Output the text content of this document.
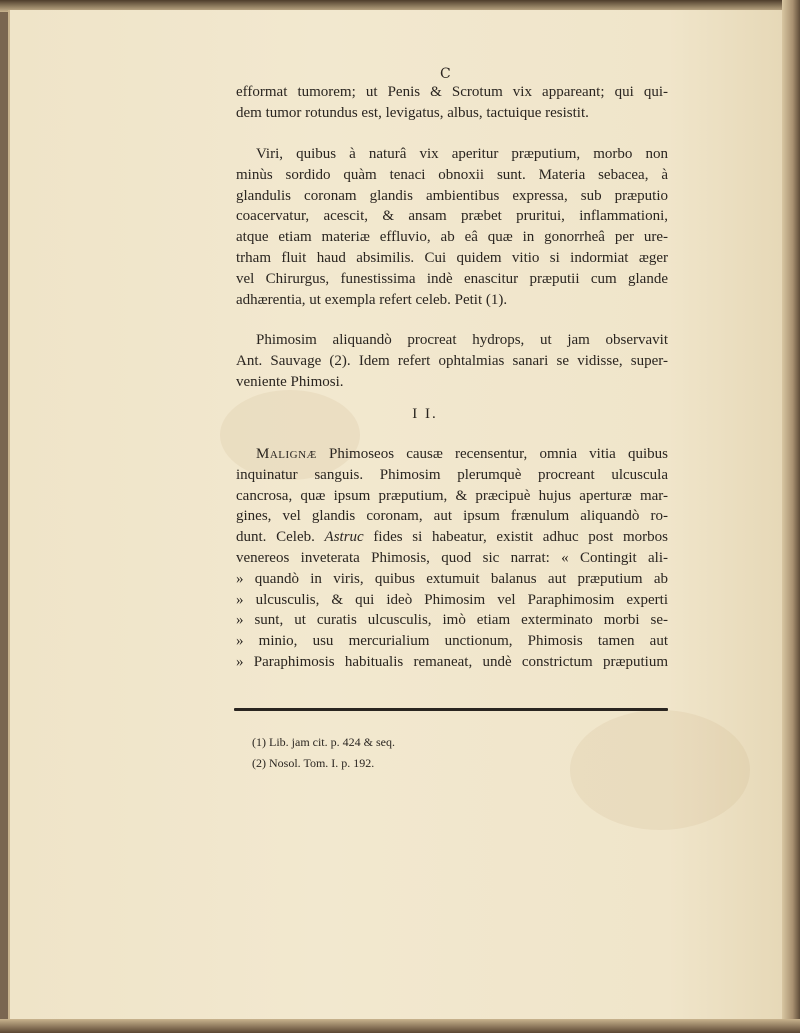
C
efformat tumorem; ut Penis & Scrotum vix appareant; qui qui-
dem tumor rotundus est, levigatus, albus, tactuique resistit.
Viri, quibus à naturâ vix aperitur præputium, morbo non
minùs sordido quàm tenaci obnoxii sunt. Materia sebacea, à
glandulis coronam glandis ambientibus expressa, sub præputio
coacervatur, acescit, & ansam præbet pruritui, inflammationi,
atque etiam materiæ effluvio, ab eâ quæ in gonorrheâ per ure-
trham fluit haud absimilis. Cui quidem vitio si indormiat æger
vel Chirurgus, funestissima indè enascitur præputii cum glande
adhærentia, ut exempla refert celeb. Petit (1).
Phimosim aliquandò procreat hydrops, ut jam observavit
Ant. Sauvage (2). Idem refert ophtalmias sanari se vidisse, super-
veniente Phimosi.
I I.
Malignæ Phimoseos causæ recensentur, omnia vitia quibus
inquinatur sanguis. Phimosim plerumquè procreant ulcuscula
cancrosa, quæ ipsum præputium, & præcipuè hujus aperturæ mar-
gines, vel glandis coronam, aut ipsum frænulum aliquandò ro-
dunt. Celeb. Astruc fides si habeatur, existit adhuc post morbos
venereos inveterata Phimosis, quod sic narrat: « Contingit ali-
» quandò in viris, quibus extumuit balanus aut præputium ab
» ulcusculis, & qui ideò Phimosim vel Paraphimosim experti
» sunt, ut curatis ulcusculis, imò etiam exterminato morbi se-
» minio, usu mercurialium unctionum, Phimosis tamen aut
» Paraphimosis habitualis remaneat, undè constrictum præputium
(1) Lib. jam cit. p. 424 & seq.
(2) Nosol. Tom. I. p. 192.
